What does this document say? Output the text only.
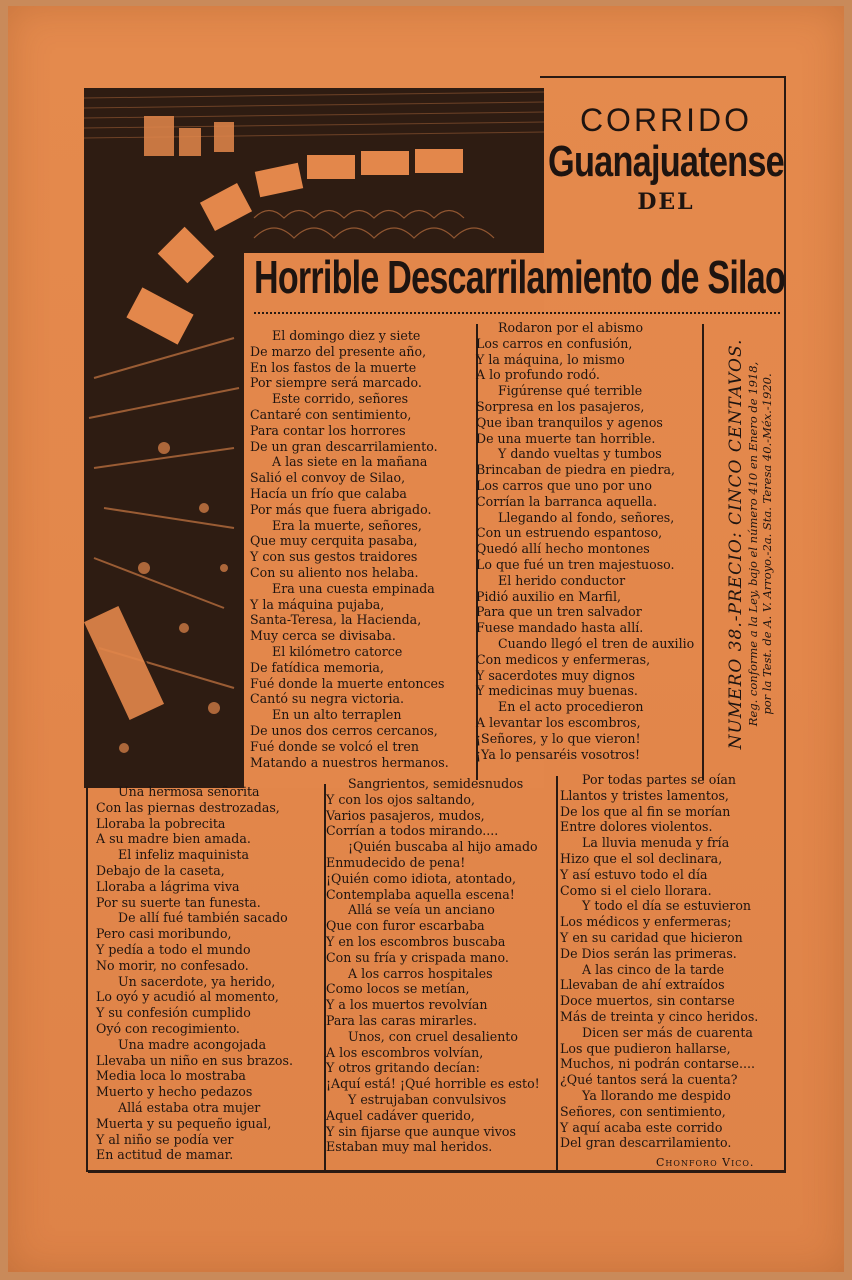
CORRIDO
Guanajuatense
DEL
Horrible Descarrilamiento de Silao
El domingo diez y siete
De marzo del presente año,
En los fastos de la muerte
Por siempre será marcado.
Este corrido, señores
Cantaré con sentimiento,
Para contar los horrores
De un gran descarrilamiento.
A las siete en la mañana
Salió el convoy de Silao,
Hacía un frío que calaba
Por más que fuera abrigado.
Era la muerte, señores,
Que muy cerquita pasaba,
Y con sus gestos traidores
Con su aliento nos helaba.
Era una cuesta empinada
Y la máquina pujaba,
Santa-Teresa, la Hacienda,
Muy cerca se divisaba.
El kilómetro catorce
De fatídica memoria,
Fué donde la muerte entonces
Cantó su negra victoria.
En un alto terraplen
De unos dos cerros cercanos,
Fué donde se volcó el tren
Matando a nuestros hermanos.
Rodaron por el abismo
Los carros en confusión,
Y la máquina, lo mismo
A lo profundo rodó.
Figúrense qué terrible
Sorpresa en los pasajeros,
Que iban tranquilos y agenos
De una muerte tan horrible.
Y dando vueltas y tumbos
Brincaban de piedra en piedra,
Los carros que uno por uno
Corrían la barranca aquella.
Llegando al fondo, señores,
Con un estruendo espantoso,
Quedó allí hecho montones
Lo que fué un tren majestuoso.
El herido conductor
Pidió auxilio en Marfil,
Para que un tren salvador
Fuese mandado hasta allí.
Cuando llegó el tren de auxilio
Con medicos y enfermeras,
Y sacerdotes muy dignos
Y medicinas muy buenas.
En el acto procedieron
A levantar los escombros,
¡Señores, y lo que vieron!
¡Ya lo pensaréis vosotros!
NUMERO 38.-PRECIO: CINCO CENTAVOS. Reg. conforme a la Ley, bajo el número 410 en Enero de 1918, por la Test. de A. V. Arroyo.-2a. Sta. Teresa 40.-Méx.-1920.
Una hermosa señorita
Con las piernas destrozadas,
Lloraba la pobrecita
A su madre bien amada.
El infeliz maquinista
Debajo de la caseta,
Lloraba a lágrima viva
Por su suerte tan funesta.
De allí fué también sacado
Pero casi moribundo,
Y pedía a todo el mundo
No morir, no confesado.
Un sacerdote, ya herido,
Lo oyó y acudió al momento,
Y su confesión cumplido
Oyó con recogimiento.
Una madre acongojada
Llevaba un niño en sus brazos.
Media loca lo mostraba
Muerto y hecho pedazos
Allá estaba otra mujer
Muerta y su pequeño igual,
Y al niño se podía ver
En actitud de mamar.
Sangrientos, semidesnudos
Y con los ojos saltando,
Varios pasajeros, mudos,
Corrían a todos mirando....
¡Quién buscaba al hijo amado
Enmudecido de pena!
¡Quién como idiota, atontado,
Contemplaba aquella escena!
Allá se veía un anciano
Que con furor escarbaba
Y en los escombros buscaba
Con su fría y crispada mano.
A los carros hospitales
Como locos se metían,
Y a los muertos revolvían
Para las caras mirarles.
Unos, con cruel desaliento
A los escombros volvían,
Y otros gritando decían:
¡Aquí está! ¡Qué horrible es esto!
Y estrujaban convulsivos
Aquel cadáver querido,
Y sin fijarse que aunque vivos
Estaban muy mal heridos.
Por todas partes se oían
Llantos y tristes lamentos,
De los que al fin se morían
Entre dolores violentos.
La lluvia menuda y fría
Hizo que el sol declinara,
Y así estuvo todo el día
Como si el cielo llorara.
Y todo el día se estuvieron
Los médicos y enfermeras;
Y en su caridad que hicieron
De Dios serán las primeras.
A las cinco de la tarde
Llevaban de ahí extraídos
Doce muertos, sin contarse
Más de treinta y cinco heridos.
Dicen ser más de cuarenta
Los que pudieron hallarse,
Muchos, ni podrán contarse....
¿Qué tantos será la cuenta?
Ya llorando me despido
Señores, con sentimiento,
Y aquí acaba este corrido
Del gran descarrilamiento.
Chonforo Vico.
